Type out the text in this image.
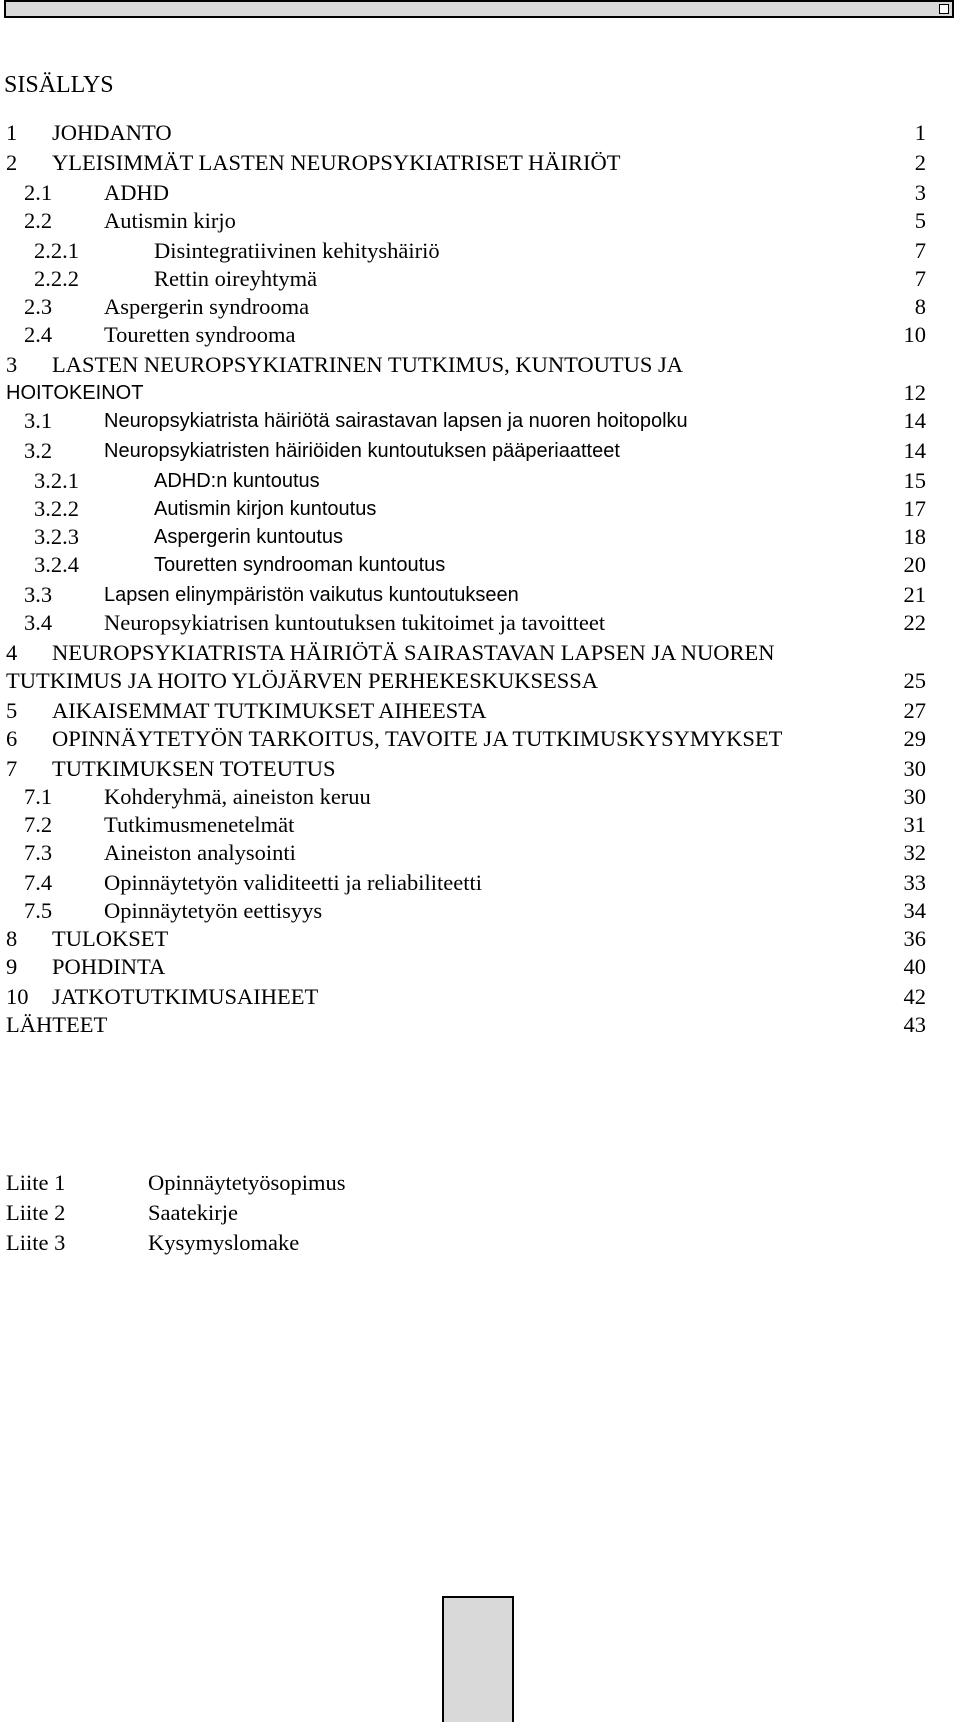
SISÄLLYS
1 JOHDANTO	1
2 YLEISIMMÄT LASTEN NEUROPSYKIATRISET HÄIRIÖT	2
2.1 ADHD	3
2.2 Autismin kirjo	5
2.2.1	Disintegratiivinen kehityshäiriö	7
2.2.2	Rettin oireyhtymä	7
2.3 Aspergerin syndrooma	8
2.4 Touretten syndrooma	10
3 LASTEN NEUROPSYKIATRINEN TUTKIMUS, KUNTOUTUS JA
HOITOKEINOT	12
3.1	Neuropsykiatrista häiriötä sairastavan lapsen ja nuoren hoitopolku	14
3.2	Neuropsykiatristen häiriöiden kuntoutuksen pääperiaatteet	14
3.2.1	ADHD:n kuntoutus	15
3.2.2	Autismin kirjon kuntoutus	17
3.2.3	Aspergerin kuntoutus	18
3.2.4	Touretten syndrooman kuntoutus	20
3.3	Lapsen elinympäristön vaikutus kuntoutukseen	21
3.4 Neuropsykiatrisen kuntoutuksen tukitoimet ja tavoitteet	22
4 NEUROPSYKIATRISTA HÄIRIÖTÄ SAIRASTAVAN LAPSEN JA NUOREN
TUTKIMUS JA HOITO YLÖJÄRVEN PERHEKESKUKSESSA	25
5 AIKAISEMMAT TUTKIMUKSET AIHEESTA	27
6 OPINNÄYTETYÖN TARKOITUS, TAVOITE JA TUTKIMUSKYSYMYKSET	29
7 TUTKIMUKSEN TOTEUTUS	30
7.1 Kohderyhmä, aineiston keruu	30
7.2 Tutkimusmenetelmät	31
7.3 Aineiston analysointi	32
7.4 Opinnäytetyön validiteetti ja reliabiliteetti	33
7.5 Opinnäytetyön eettisyys	34
8 TULOKSET	36
9 POHDINTA	40
10 JATKOTUTKIMUSAIHEET	42
LÄHTEET	43
Liite 1	Opinnäytetyösopimus
Liite 2	Saatekirje
Liite 3	Kysymyslomake
